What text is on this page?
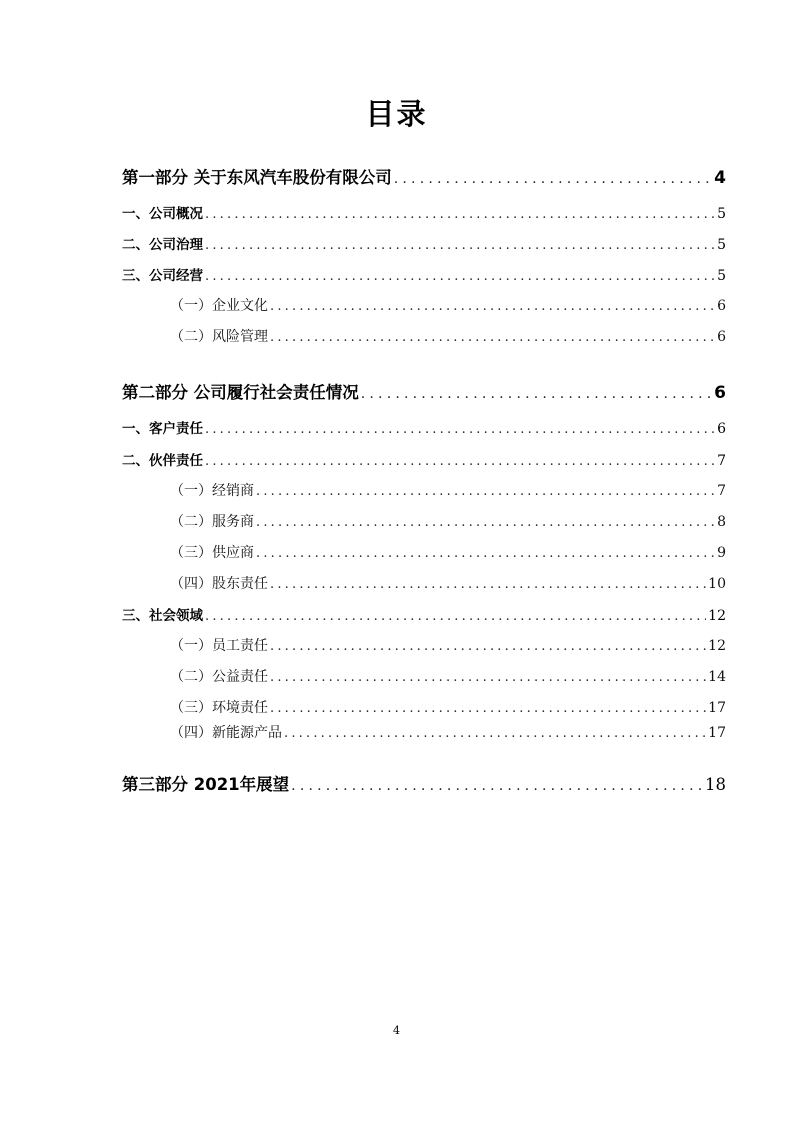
目录
第一部分 关于东风汽车股份有限公司 .....	4
一、公司概况 .....	5
二、公司治理 .....	5
三、公司经营 .....	5
（一）企业文化 .....	6
（二）风险管理 .....	6
第二部分 公司履行社会责任情况 .....	6
一、客户责任 .....	6
二、伙伴责任 .....	7
（一）经销商 .....	7
（二）服务商 .....	8
（三）供应商 .....	9
（四）股东责任 .....	10
三、社会领域 .....	12
（一）员工责任 .....	12
（二）公益责任 .....	14
（三）环境责任 .....	17
（四）新能源产品 .....	17
第三部分 2021年展望 .....	18
4
